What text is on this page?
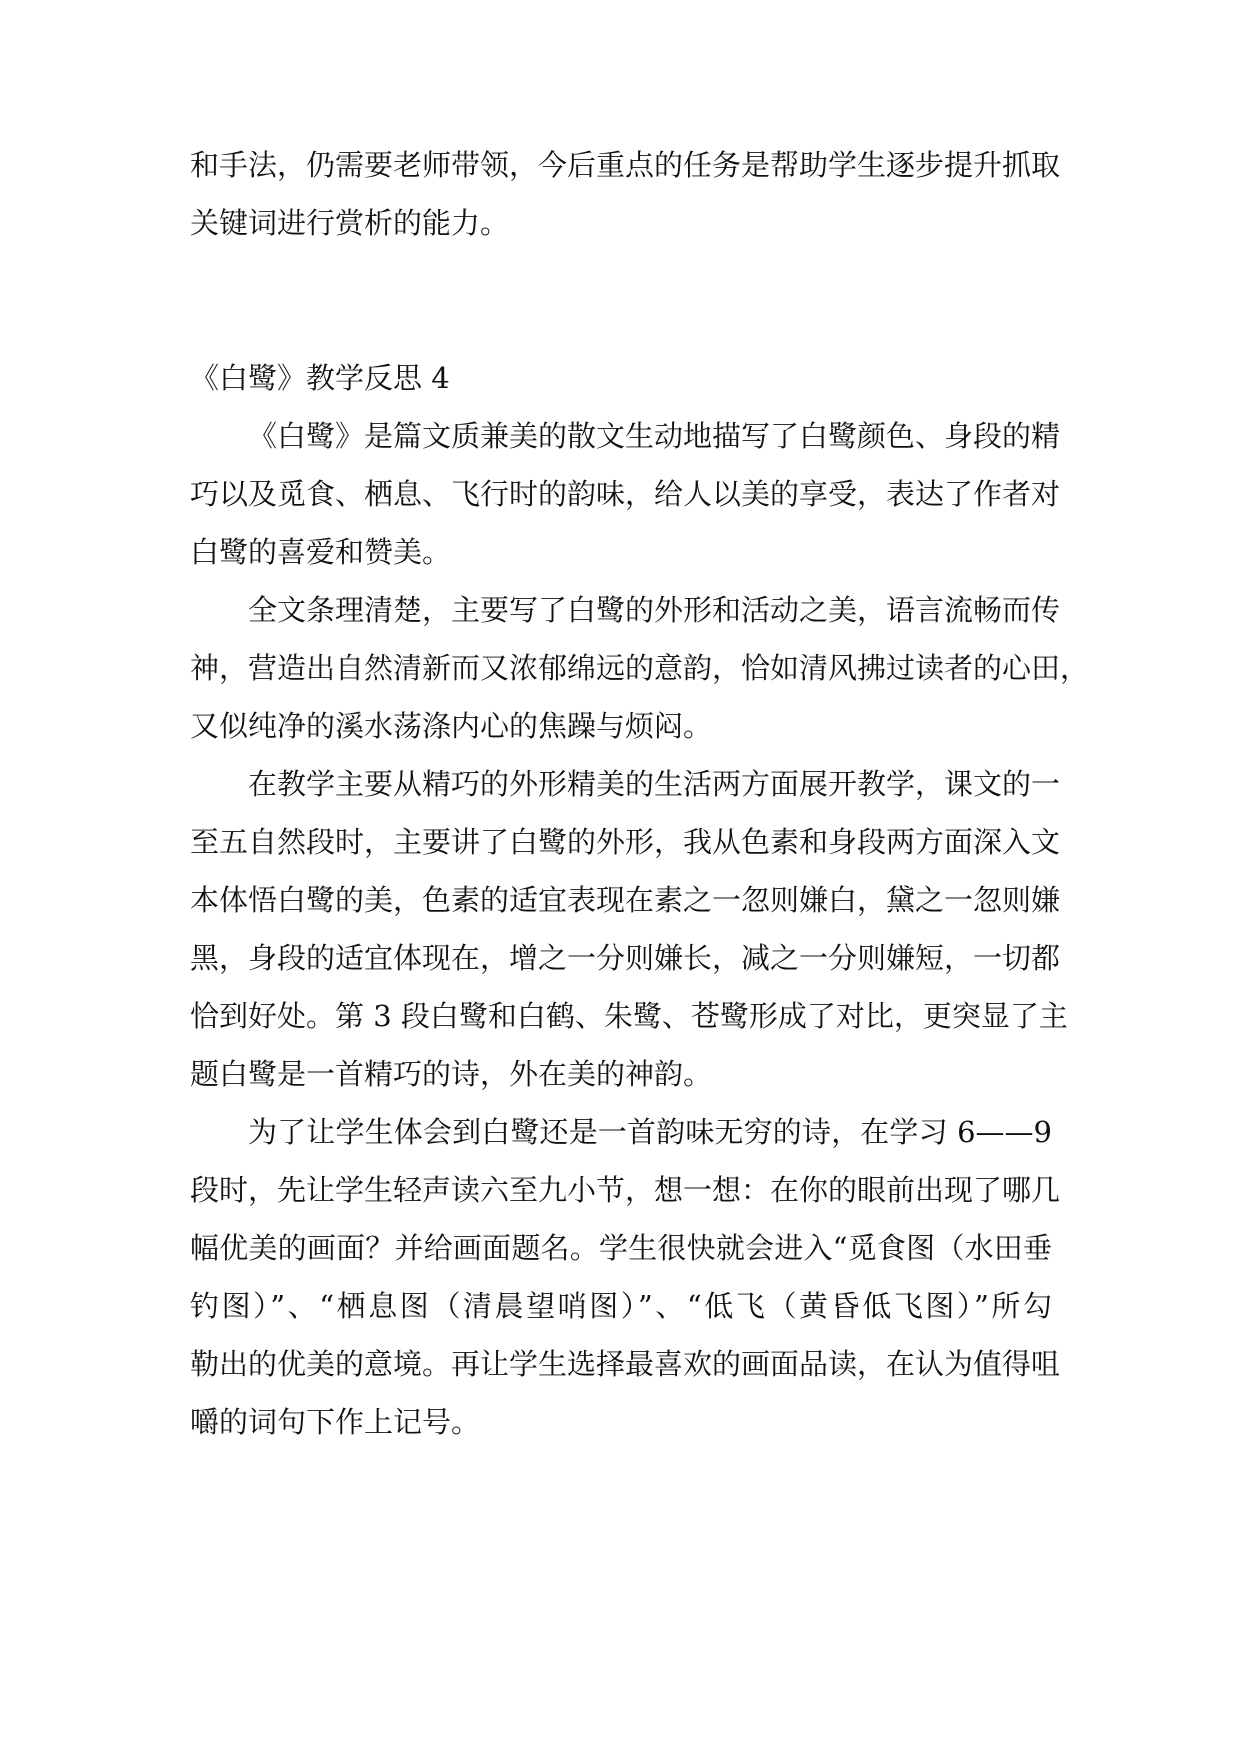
和手法，仍需要老师带领，今后重点的任务是帮助学生逐步提升抓取
关键词进行赏析的能力。
《白鹭》教学反思 4
《白鹭》是篇文质兼美的散文生动地描写了白鹭颜色、身段的精
巧以及觅食、栖息、飞行时的韵味，给人以美的享受，表达了作者对
白鹭的喜爱和赞美。
全文条理清楚，主要写了白鹭的外形和活动之美，语言流畅而传
神，营造出自然清新而又浓郁绵远的意韵，恰如清风拂过读者的心田，
又似纯净的溪水荡涤内心的焦躁与烦闷。
在教学主要从精巧的外形精美的生活两方面展开教学，课文的一
至五自然段时，主要讲了白鹭的外形，我从色素和身段两方面深入文
本体悟白鹭的美，色素的适宜表现在素之一忽则嫌白，黛之一忽则嫌
黑，身段的适宜体现在，增之一分则嫌长，减之一分则嫌短，一切都
恰到好处。第 3 段白鹭和白鹤、朱鹭、苍鹭形成了对比，更突显了主
题白鹭是一首精巧的诗，外在美的神韵。
为了让学生体会到白鹭还是一首韵味无穷的诗，在学习 6——9
段时，先让学生轻声读六至九小节，想一想：在你的眼前出现了哪几
幅优美的画面？并给画面题名。学生很快就会进入“觅食图（水田垂
钓图）”、“栖息图（清晨望哨图）”、“低飞（黄昏低飞图）”所勾
勒出的优美的意境。再让学生选择最喜欢的画面品读，在认为值得咀
嚼的词句下作上记号。
